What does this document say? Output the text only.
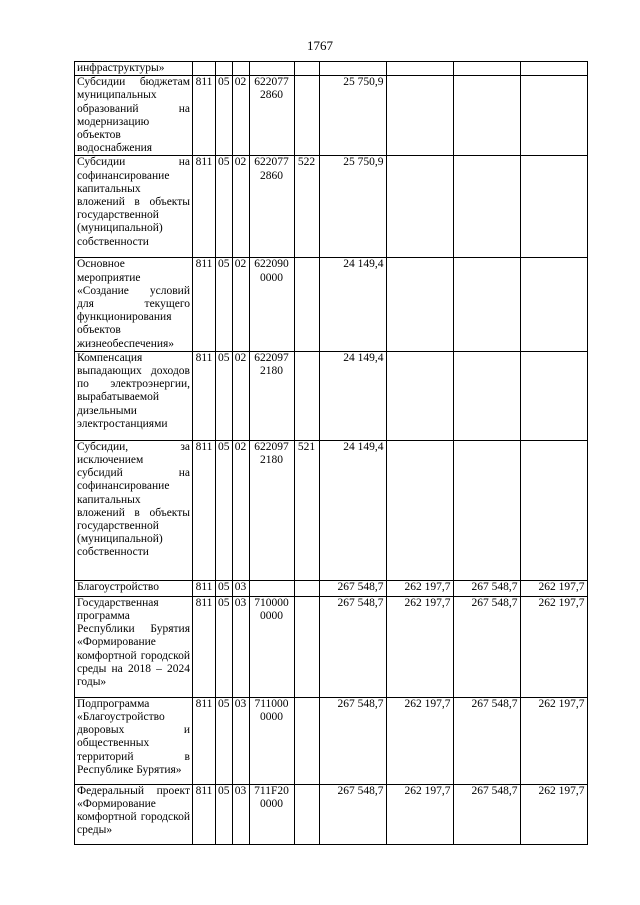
1767
инфраструктуры»									
Субсидии бюджетам муниципальных образований на модернизацию объектов водоснабжения	811	05	02	622077 2860		25 750,9			
Субсидии на софинансирование капитальных вложений в объекты государственной (муниципальной) собственности	811	05	02	622077 2860	522	25 750,9			
Основное мероприятие «Создание условий для текущего функционирования объектов жизнеобеспечения»	811	05	02	622090 0000		24 149,4			
Компенсация выпадающих доходов по электроэнергии, вырабатываемой дизельными электростанциями	811	05	02	622097 2180		24 149,4			
Субсидии, за исключением субсидий на софинансирование капитальных вложений в объекты государственной (муниципальной) собственности	811	05	02	622097 2180	521	24 149,4			
Благоустройство	811	05	03			267 548,7	262 197,7	267 548,7	262 197,7
Государственная программа Республики Бурятия «Формирование комфортной городской среды на 2018 – 2024 годы»	811	05	03	710000 0000		267 548,7	262 197,7	267 548,7	262 197,7
Подпрограмма «Благоустройство дворовых и общественных территорий в Республике Бурятия»	811	05	03	711000 0000		267 548,7	262 197,7	267 548,7	262 197,7
Федеральный проект «Формирование комфортной городской среды»	811	05	03	711F20 0000		267 548,7	262 197,7	267 548,7	262 197,7
